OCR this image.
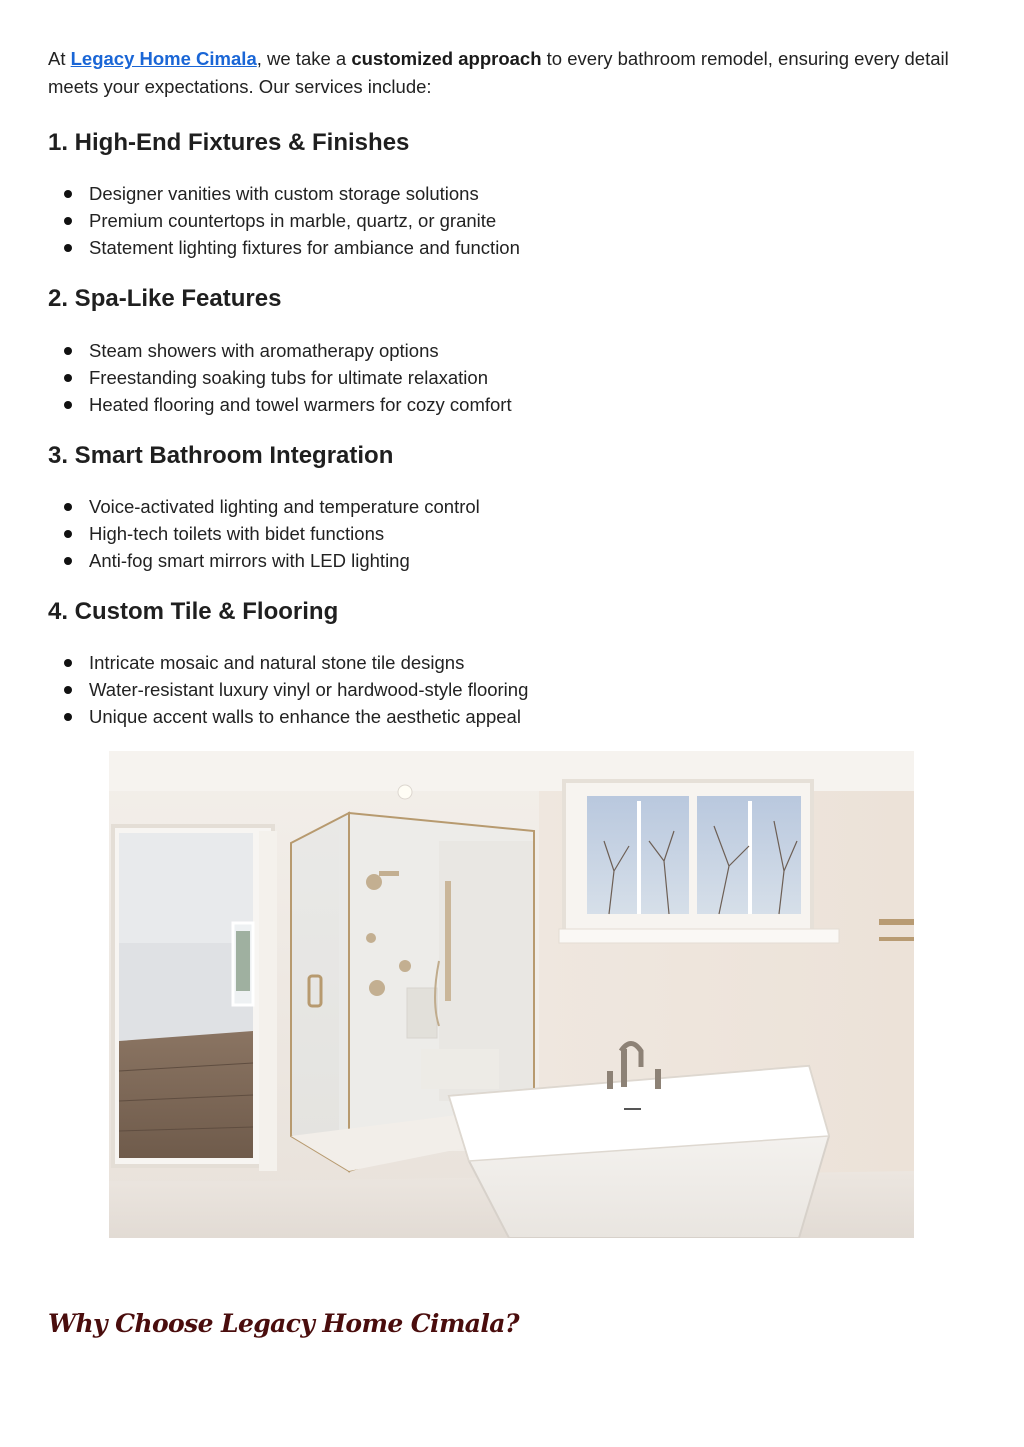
At Legacy Home Cimala, we take a customized approach to every bathroom remodel, ensuring every detail meets your expectations. Our services include:

1. High-End Fixtures & Finishes
Designer vanities with custom storage solutions
Premium countertops in marble, quartz, or granite
Statement lighting fixtures for ambiance and function
2. Spa-Like Features
Steam showers with aromatherapy options
Freestanding soaking tubs for ultimate relaxation
Heated flooring and towel warmers for cozy comfort
3. Smart Bathroom Integration
Voice-activated lighting and temperature control
High-tech toilets with bidet functions
Anti-fog smart mirrors with LED lighting
4. Custom Tile & Flooring
Intricate mosaic and natural stone tile designs
Water-resistant luxury vinyl or hardwood-style flooring
Unique accent walls to enhance the aesthetic appeal
Why Choose Legacy Home Cimala?
